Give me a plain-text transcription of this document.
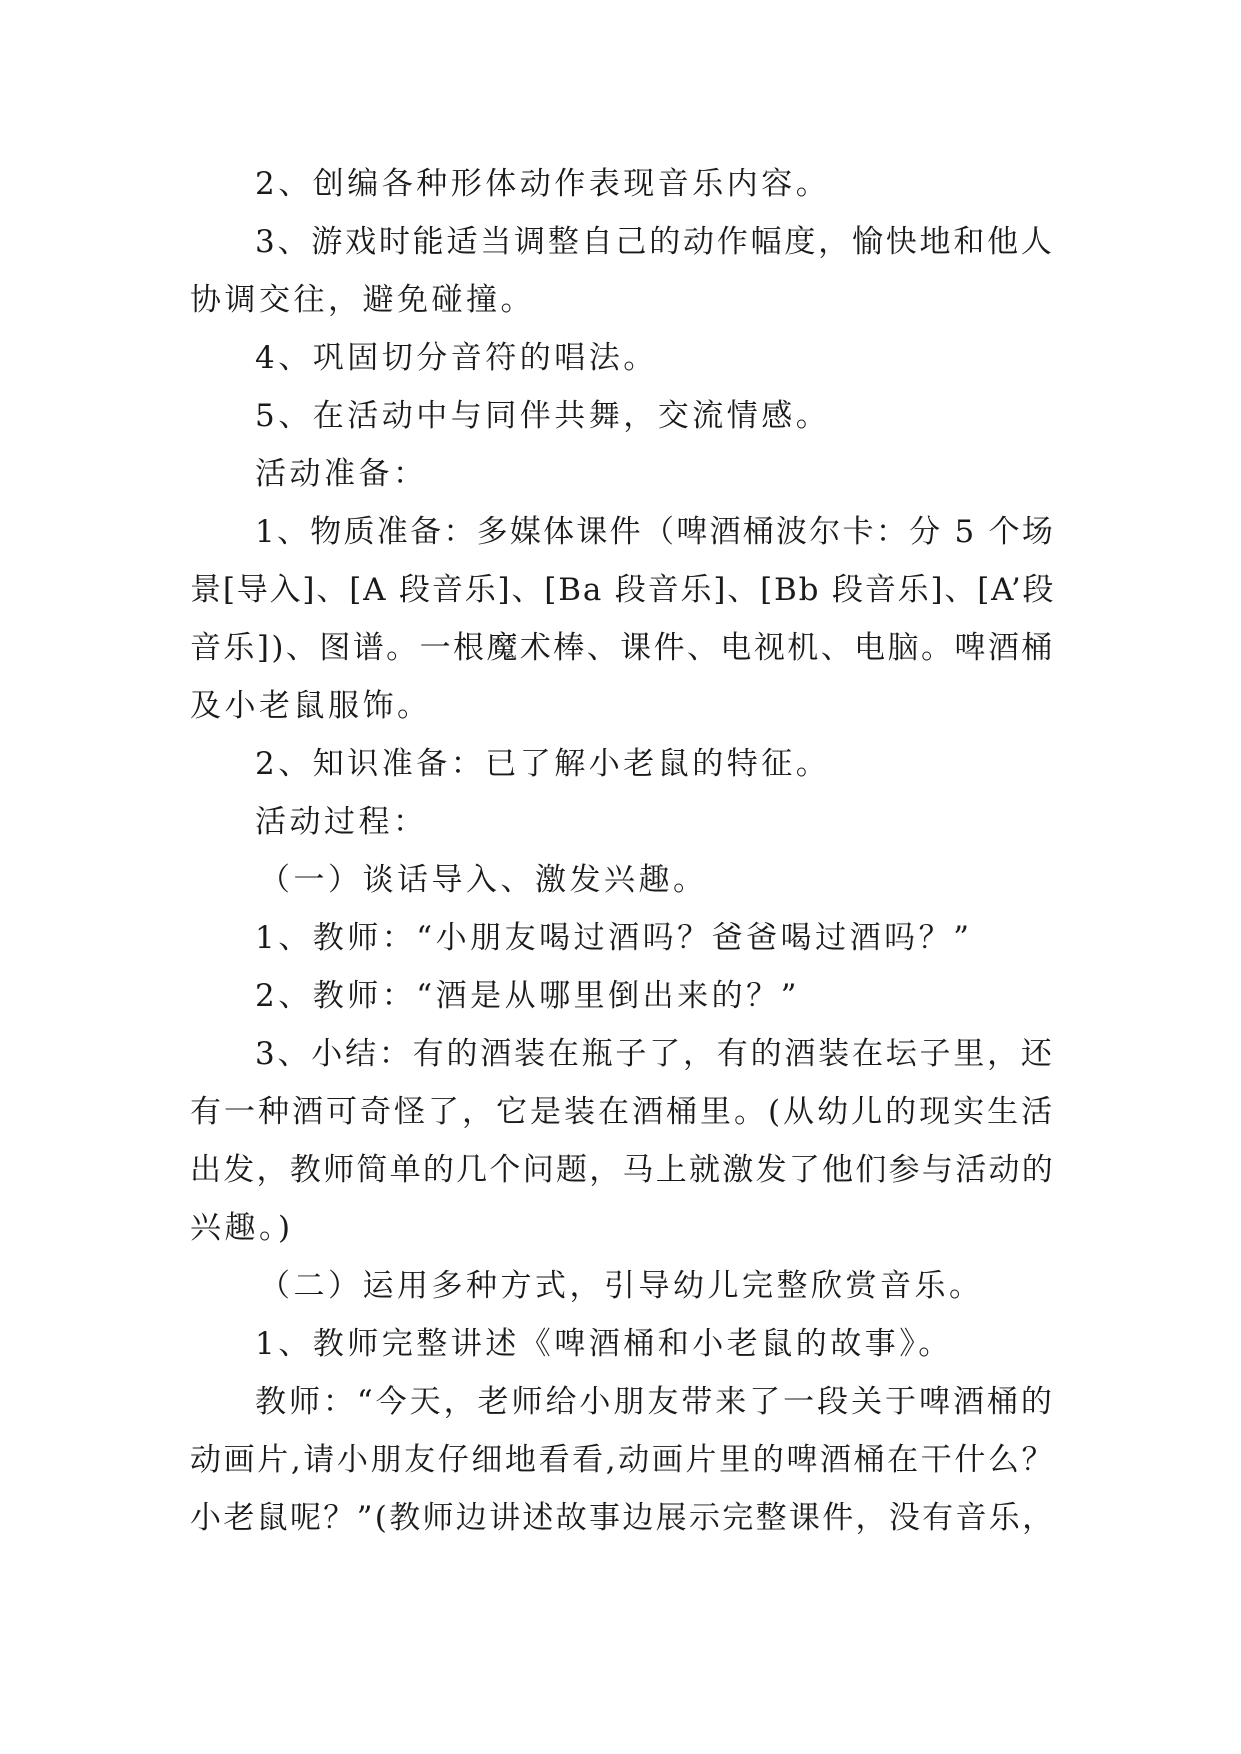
2、创编各种形体动作表现音乐内容。
3、游戏时能适当调整自己的动作幅度，愉快地和他人
协调交往，避免碰撞。
4、巩固切分音符的唱法。
5、在活动中与同伴共舞，交流情感。
活动准备：
1、物质准备：多媒体课件（啤酒桶波尔卡：分 5 个场
景[导入]、[A 段音乐]、[Ba 段音乐]、[Bb 段音乐]、[A’段
音乐])、图谱。一根魔术棒、课件、电视机、电脑。啤酒桶
及小老鼠服饰。
2、知识准备：已了解小老鼠的特征。
活动过程：
（一）谈话导入、激发兴趣。
1、教师：“小朋友喝过酒吗？爸爸喝过酒吗？”
2、教师：“酒是从哪里倒出来的？”
3、小结：有的酒装在瓶子了，有的酒装在坛子里，还
有一种酒可奇怪了，它是装在酒桶里。(从幼儿的现实生活
出发，教师简单的几个问题，马上就激发了他们参与活动的
兴趣。)
（二）运用多种方式，引导幼儿完整欣赏音乐。
1、教师完整讲述《啤酒桶和小老鼠的故事》。
教师：“今天，老师给小朋友带来了一段关于啤酒桶的
动画片,请小朋友仔细地看看,动画片里的啤酒桶在干什么？
小老鼠呢？”(教师边讲述故事边展示完整课件，没有音乐，
